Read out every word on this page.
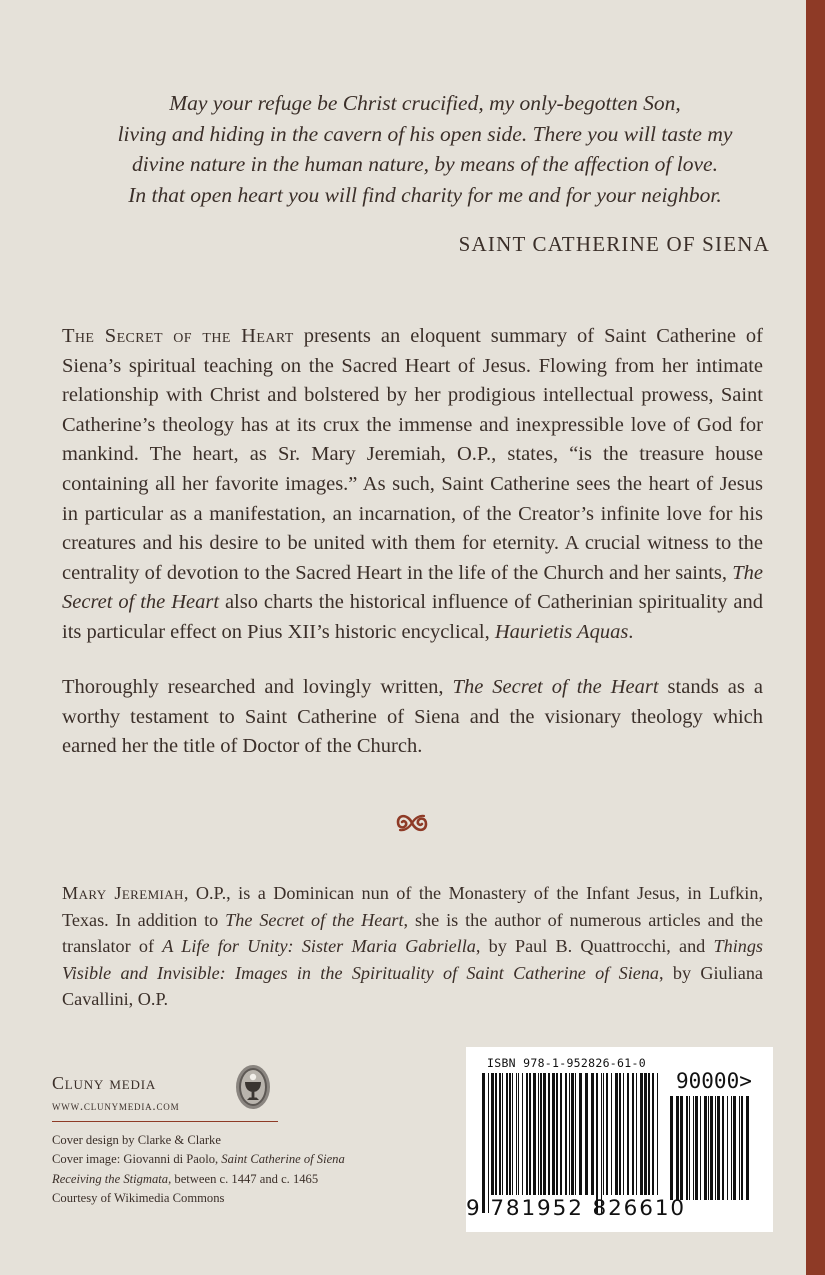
May your refuge be Christ crucified, my only-begotten Son,
living and hiding in the cavern of his open side. There you will taste my
divine nature in the human nature, by means of the affection of love.
In that open heart you will find charity for me and for your neighbor.
SAINT CATHERINE OF SIENA

The Secret of the Heart presents an eloquent summary of Saint Catherine of Siena’s spiritual teaching on the Sacred Heart of Jesus. Flowing from her intimate relationship with Christ and bolstered by her prodigious intellectual prowess, Saint Catherine’s theology has at its crux the immense and inexpressible love of God for mankind. The heart, as Sr. Mary Jeremiah, O.P., states, “is the treasure house containing all her favorite images.” As such, Saint Catherine sees the heart of Jesus in particular as a manifestation, an incarnation, of the Creator’s infinite love for his creatures and his desire to be united with them for eternity. A crucial witness to the centrality of devotion to the Sacred Heart in the life of the Church and her saints, The Secret of the Heart also charts the historical influence of Catherinian spirituality and its particular effect on Pius XII’s historic encyclical, Haurietis Aquas.

Thoroughly researched and lovingly written, The Secret of the Heart stands as a worthy testament to Saint Catherine of Siena and the visionary theology which earned her the title of Doctor of the Church.

Mary Jeremiah, O.P., is a Dominican nun of the Monastery of the Infant Jesus, in Lufkin, Texas. In addition to The Secret of the Heart, she is the author of numerous articles and the translator of A Life for Unity: Sister Maria Gabriella, by Paul B. Quattrocchi, and Things Visible and Invisible: Images in the Spirituality of Saint Catherine of Siena, by Giuliana Cavallini, O.P.

Cluny media
www.clunymedia.com
Cover design by Clarke & Clarke
Cover image: Giovanni di Paolo, Saint Catherine of Siena
Receiving the Stigmata, between c. 1447 and c. 1465
Courtesy of Wikimedia Commons
ISBN 978-1-952826-61-0
90000>
9 781952 826610
